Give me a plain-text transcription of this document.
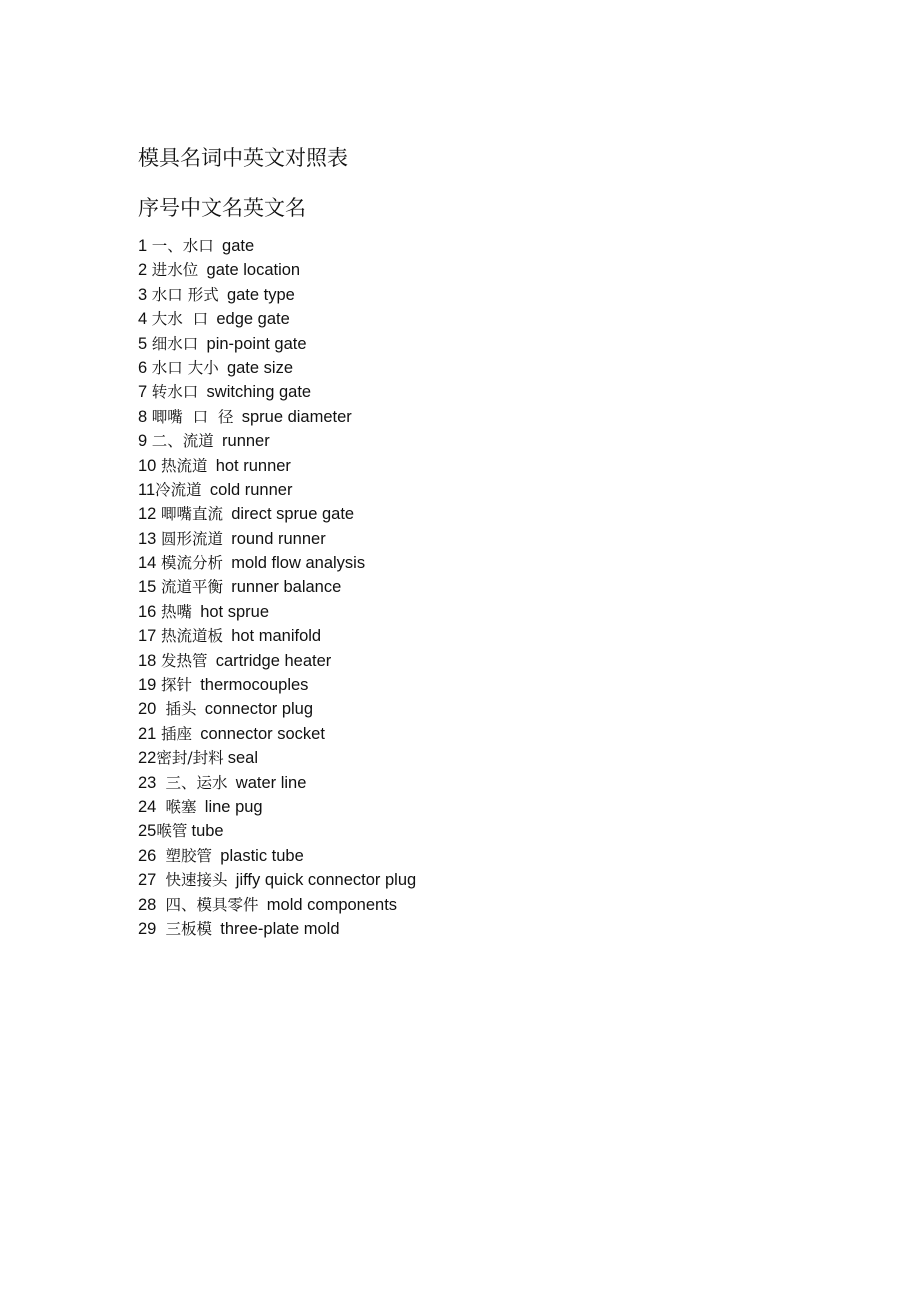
模具名词中英文对照表
序号中文名英文名
1 一、水口 gate
2 进水位 gate location
3 水口 形式 gate type
4 大水  口 edge gate
5 细水口 pin-point gate
6 水口 大小 gate size
7 转水口 switching gate
8 唧嘴  口  径 sprue diameter
9 二、流道 runner
10 热流道 hot runner
11冷流道 cold runner
12 唧嘴直流 direct sprue gate
13 圆形流道 round runner
14 模流分析 mold flow analysis
15 流道平衡 runner balance
16 热嘴 hot sprue
17 热流道板 hot manifold
18 发热管 cartridge heater
19 探针 thermocouples
20  插头 connector plug
21 插座 connector socket
22密封/封料 seal
23  三、运水 water line
24  喉塞 line pug
25喉管 tube
26  塑胶管 plastic tube
27  快速接头 jiffy quick connector plug
28  四、模具零件 mold components
29  三板模 three-plate mold
